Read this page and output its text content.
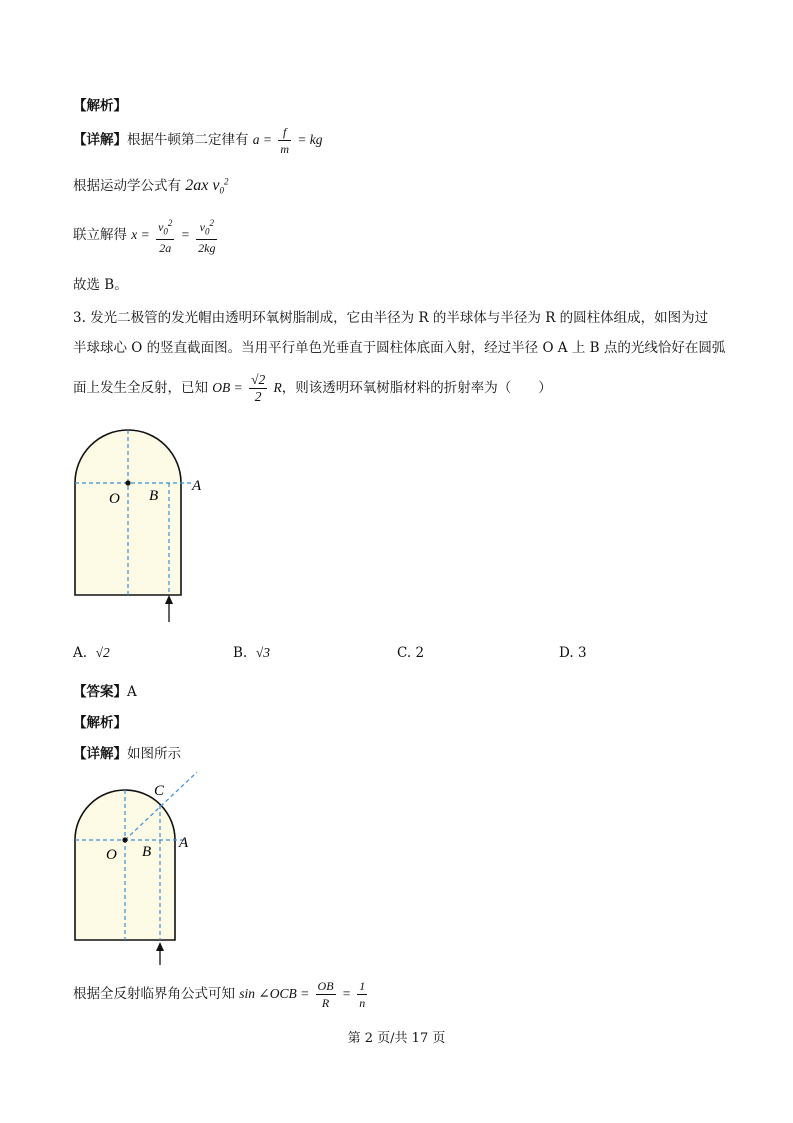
【解析】
【详解】根据牛顿第二定律有 $a = \frac{f}{m}$ = kg
根据运动学公式有 2ax $v_0^2$
联立解得 $x = \frac{v_0^2}{2a} = \frac{v_0^2}{2kg}$
故选 B。
3. 发光二极管的发光帽由透明环氧树脂制成，它由半径为 R 的半球体与半径为 R 的圆柱体组成，如图为过
半球球心 O 的竖直截面图。当用平行单色光垂直于圆柱体底面入射，经过半径 O A 上 B 点的光线恰好在圆弧
面上发生全反射，已知 OB = $\frac{√2}{2}$ R，则该透明环氧树脂材料的折射率为（　　）
O B
A
A. √2	B. √3	C. 2	D. 3
【答案】A
【解析】
【详解】如图所示
C
O B
A
根据全反射临界角公式可知 sin ∠OCB = $\frac{OB}{R} = \frac{1}{n}$
第 2 页/共 17 页
